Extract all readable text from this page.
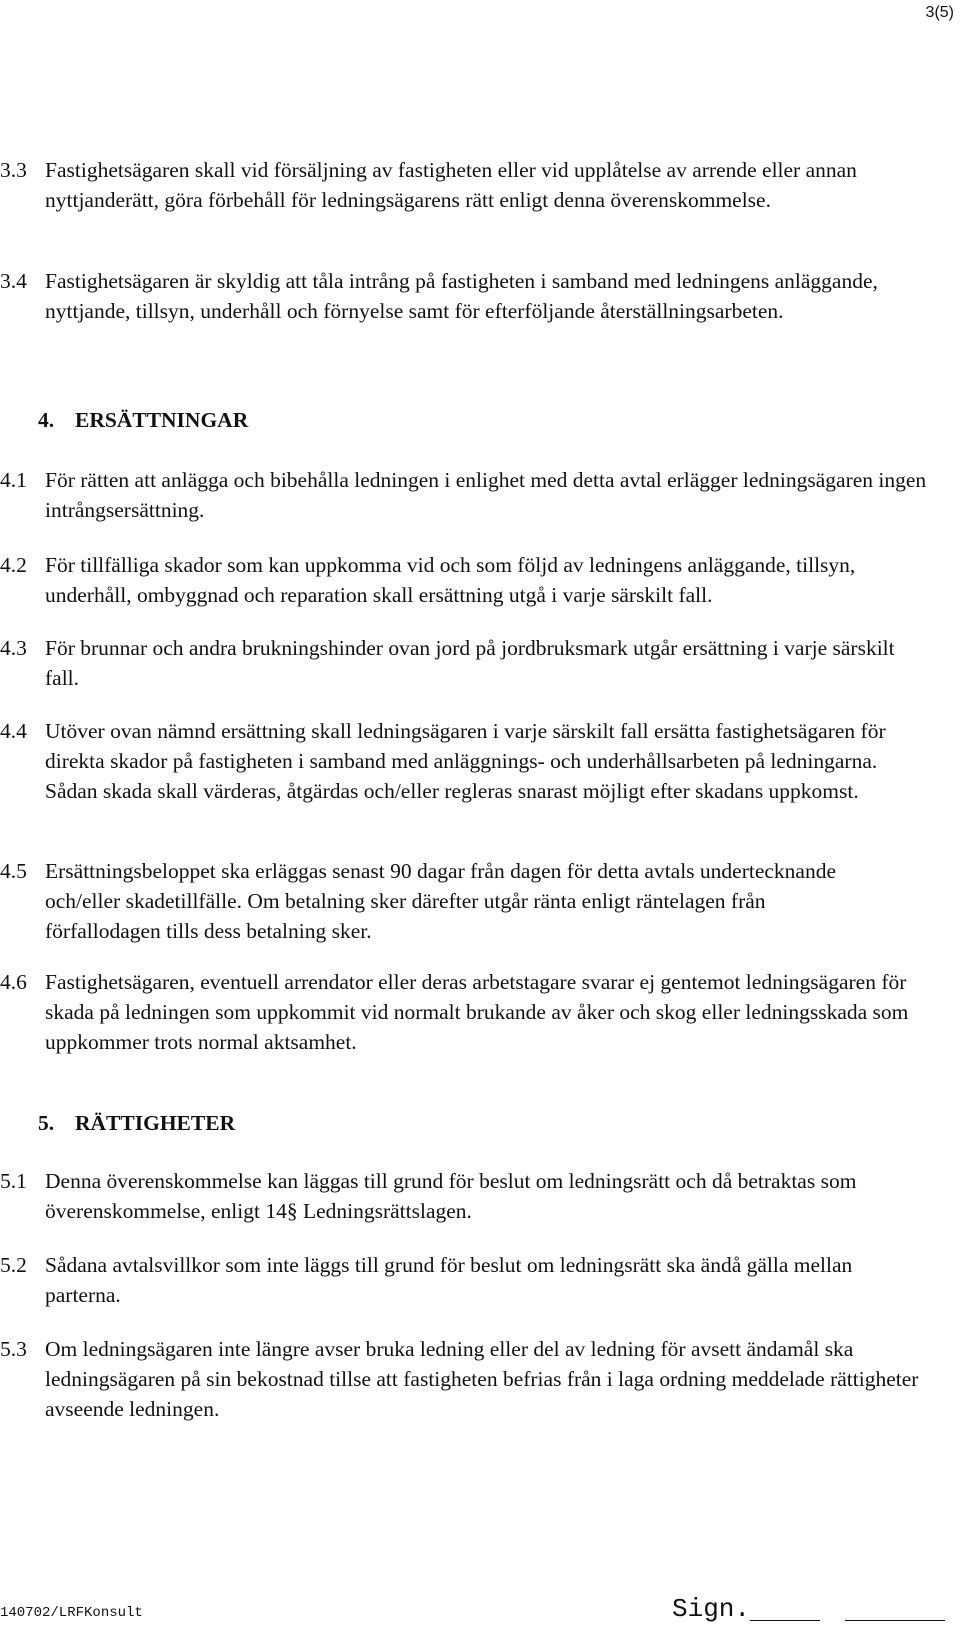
3(5)
3.3 Fastighetsägaren skall vid försäljning av fastigheten eller vid upplåtelse av arrende eller annan nyttjanderätt, göra förbehåll för ledningsägarens rätt enligt denna överenskommelse.
3.4 Fastighetsägaren är skyldig att tåla intrång på fastigheten i samband med ledningens anläggande, nyttjande, tillsyn, underhåll och förnyelse samt för efterföljande återställningsarbeten.
4. ERSÄTTNINGAR
4.1 För rätten att anlägga och bibehålla ledningen i enlighet med detta avtal erlägger ledningsägaren ingen intrångsersättning.
4.2 För tillfälliga skador som kan uppkomma vid och som följd av ledningens anläggande, tillsyn, underhåll, ombyggnad och reparation skall ersättning utgå i varje särskilt fall.
4.3 För brunnar och andra brukningshinder ovan jord på jordbruksmark utgår ersättning i varje särskilt fall.
4.4 Utöver ovan nämnd ersättning skall ledningsägaren i varje särskilt fall ersätta fastighetsägaren för direkta skador på fastigheten i samband med anläggnings- och underhållsarbeten på ledningarna. Sådan skada skall värderas, åtgärdas och/eller regleras snarast möjligt efter skadans uppkomst.
4.5 Ersättningsbeloppet ska erläggas senast 90 dagar från dagen för detta avtals undertecknande och/eller skadetillfälle. Om betalning sker därefter utgår ränta enligt räntelagen från förfallodagen tills dess betalning sker.
4.6 Fastighetsägaren, eventuell arrendator eller deras arbetstagare svarar ej gentemot ledningsägaren för skada på ledningen som uppkommit vid normalt brukande av åker och skog eller ledningsskada som uppkommer trots normal aktsamhet.
5. RÄTTIGHETER
5.1 Denna överenskommelse kan läggas till grund för beslut om ledningsrätt och då betraktas som överenskommelse, enligt 14§ Ledningsrättslagen.
5.2 Sådana avtalsvillkor som inte läggs till grund för beslut om ledningsrätt ska ändå gälla mellan parterna.
5.3 Om ledningsägaren inte längre avser bruka ledning eller del av ledning för avsett ändamål ska ledningsägaren på sin bekostnad tillse att fastigheten befrias från i laga ordning meddelade rättigheter avseende ledningen.
140702/LRFKonsult	Sign.
